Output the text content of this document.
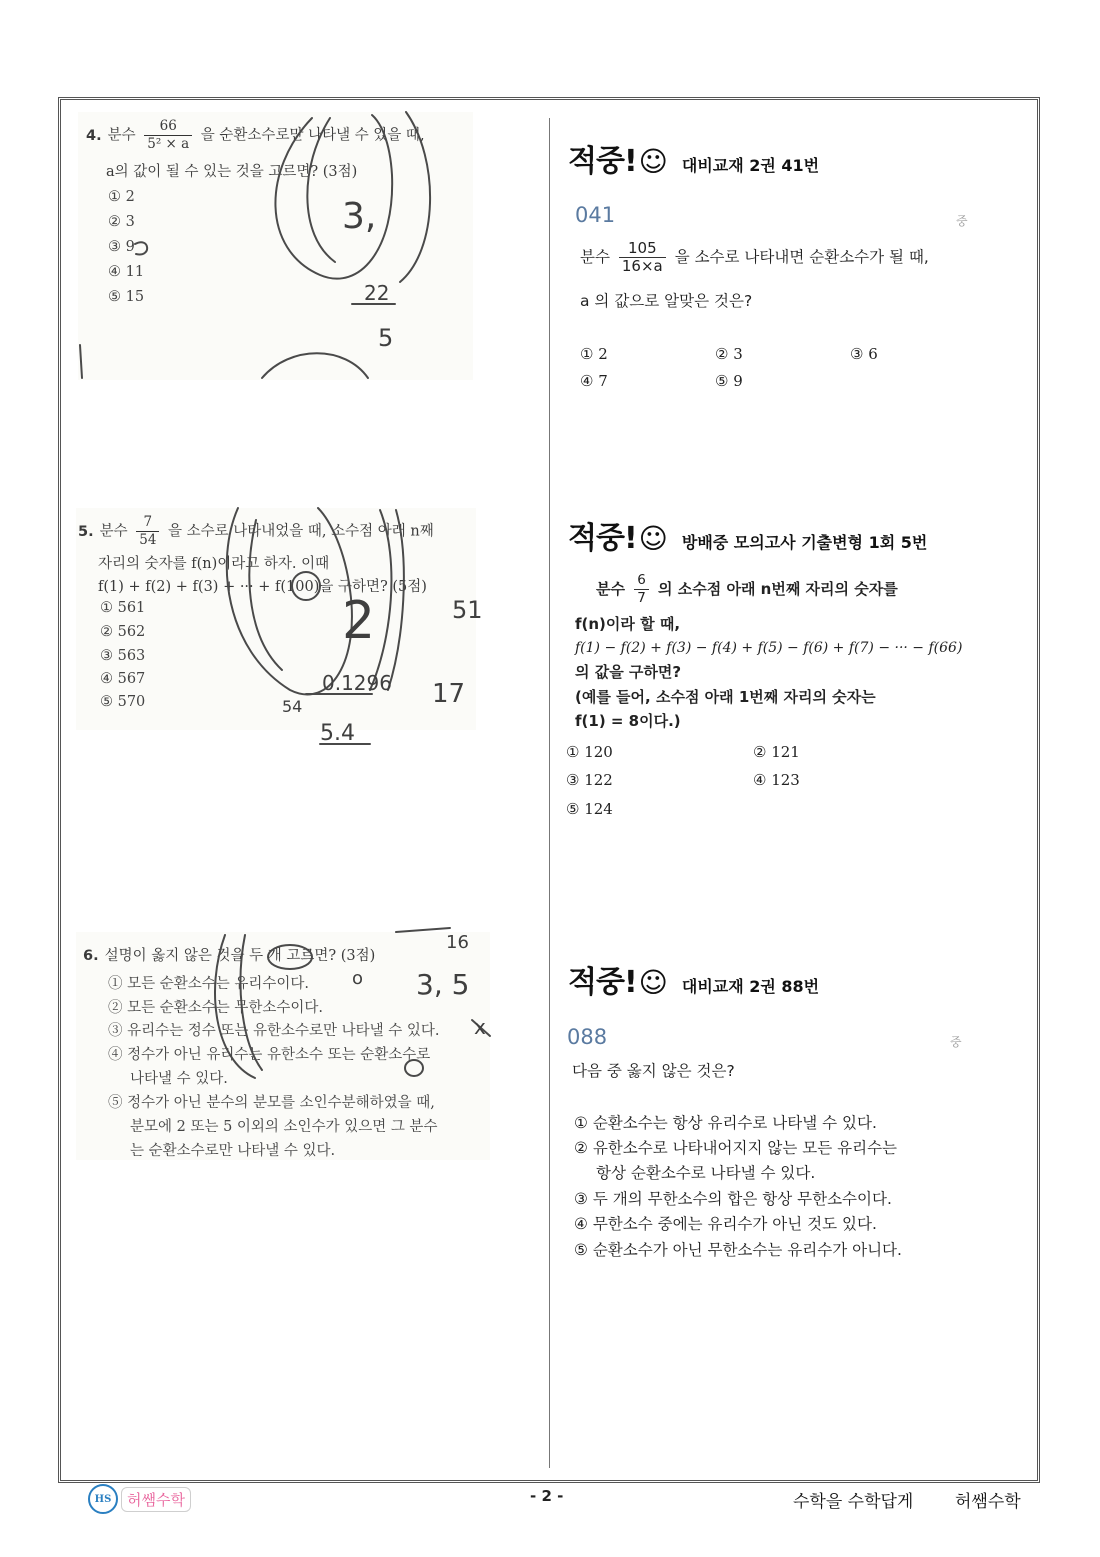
4. 분수 $\frac{66}{\text{5² × a}}$ 을 순환소수로만 나타낼 수 있을 때,
a의 값이 될 수 있는 것을 고르면? (3점)
① 2
② 3
③ 9
④ 11
⑤ 15
5. 분수 $\frac{7}{54}$ 을 소수로 나타내었을 때, 소수점 아래 n째
자리의 숫자를 f(n)이라고 하자. 이때
f(1) + f(2) + f(3) + ··· + f(100)을 구하면? (5점)
① 561
② 562
③ 563
④ 567
⑤ 570
6. 설명이 옳지 않은 것을 두 개 고르면? (3점)
① 모든 순환소수는 유리수이다.
② 모든 순환소수는 무한소수이다.
③ 유리수는 정수 또는 유한소수로만 나타낼 수 있다.
④ 정수가 아닌 유리수는 유한소수 또는 순환소수로
나타낼 수 있다.
⑤ 정수가 아닌 분수의 분모를 소인수분해하였을 때,
분모에 2 또는 5 이외의 소인수가 있으면 그 분수
는 순환소수로만 나타낼 수 있다.
적중!☺ 대비교재 2권 41번
041	중
분수 $\frac{105}{16\times a}$ 을 소수로 나타내면 순환소수가 될 때,
a 의 값으로 알맞은 것은?
① 2	② 3	③ 6
④ 7	⑤ 9
적중!☺ 방배중 모의고사 기출변형 1회 5번
분수 $\frac{6}{7}$ 의 소수점 아래 n번째 자리의 숫자를
f(n)이라 할 때,
f(1) − f(2) + f(3) − f(4) + f(5) − f(6) + f(7) − ··· − f(66)
의 값을 구하면?
(예를 들어, 소수점 아래 1번째 자리의 숫자는
f(1) = 8이다.)
① 120	② 121
③ 122	④ 123
⑤ 124
적중!☺ 대비교재 2권 88번
088	중
다음 중 옳지 않은 것은?
① 순환소수는 항상 유리수로 나타낼 수 있다.
② 유한소수로 나타내어지지 않는 모든 유리수는
항상 순환소수로 나타낼 수 있다.
③ 두 개의 무한소수의 합은 항상 무한소수이다.
④ 무한소수 중에는 유리수가 아닌 것도 있다.
⑤ 순환소수가 아닌 무한소수는 유리수가 아니다.
3,
22
5
2
0.1296
54
5.4
51
17
16
3, 5
o
x
HS	허쌤수학	- 2 -	수학을 수학답게 허쌤수학
